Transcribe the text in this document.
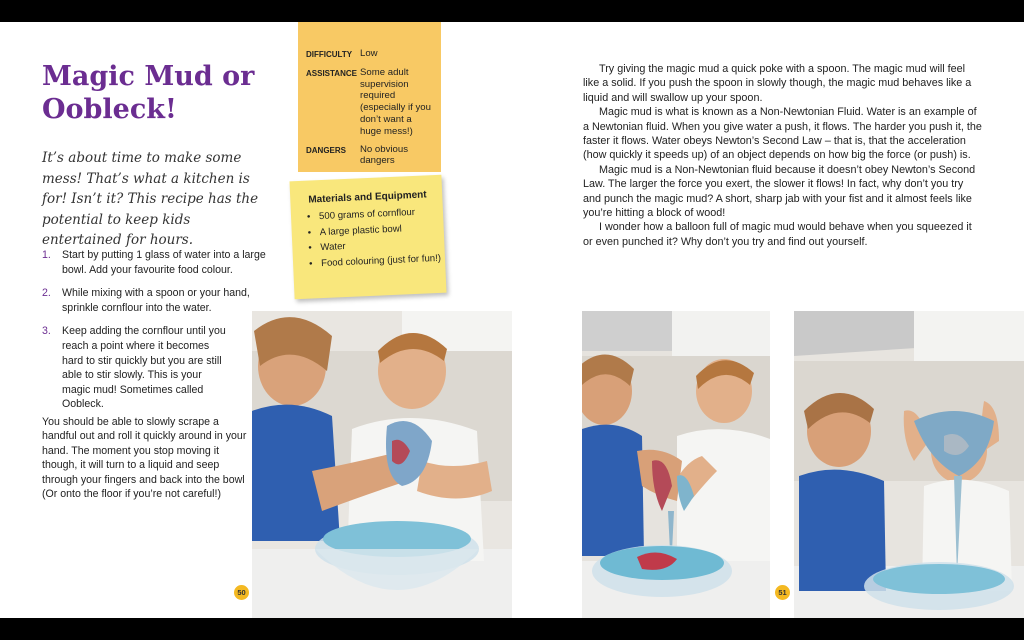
Magic Mud or Oobleck!

It’s about time to make some mess! That’s what a kitchen is for! Isn’t it? This recipe has the potential to keep kids entertained for hours.

1. Start by putting 1 glass of water into a large bowl. Add your favourite food colour.
2. While mixing with a spoon or your hand, sprinkle cornflour into the water.
3. Keep adding the cornflour until you reach a point where it becomes hard to stir quickly but you are still able to stir slowly. This is your magic mud! Sometimes called Oobleck.

You should be able to slowly scrape a handful out and roll it quickly around in your hand. The moment you stop moving it though, it will turn to a liquid and seep through your fingers and back into the bowl (Or onto the floor if you’re not careful!)

DIFFICULTY	Low
ASSISTANCE	Some adult supervision required (especially if you don’t want a huge mess!)
DANGERS	No obvious dangers
Materials and Equipment
• 500 grams of cornflour
• A large plastic bowl
• Water
• Food colouring (just for fun!)
50

Try giving the magic mud a quick poke with a spoon. The magic mud will feel like a solid. If you push the spoon in slowly though, the magic mud behaves like a liquid and will swallow up your spoon.

Magic mud is what is known as a Non-Newtonian Fluid. Water is an example of a Newtonian fluid. When you give water a push, it flows. The harder you push it, the faster it flows. Water obeys Newton’s Second Law – that is, that the acceleration (how quickly it speeds up) of an object depends on how big the force (or push) is.

Magic mud is a Non-Newtonian fluid because it doesn’t obey Newton’s Second Law. The larger the force you exert, the slower it flows! In fact, why don’t you try and punch the magic mud? A short, sharp jab with your fist and it almost feels like you’re hitting a block of wood!

I wonder how a balloon full of magic mud would behave when you squeezed it or even punched it? Why don’t you try and find out yourself.

51
